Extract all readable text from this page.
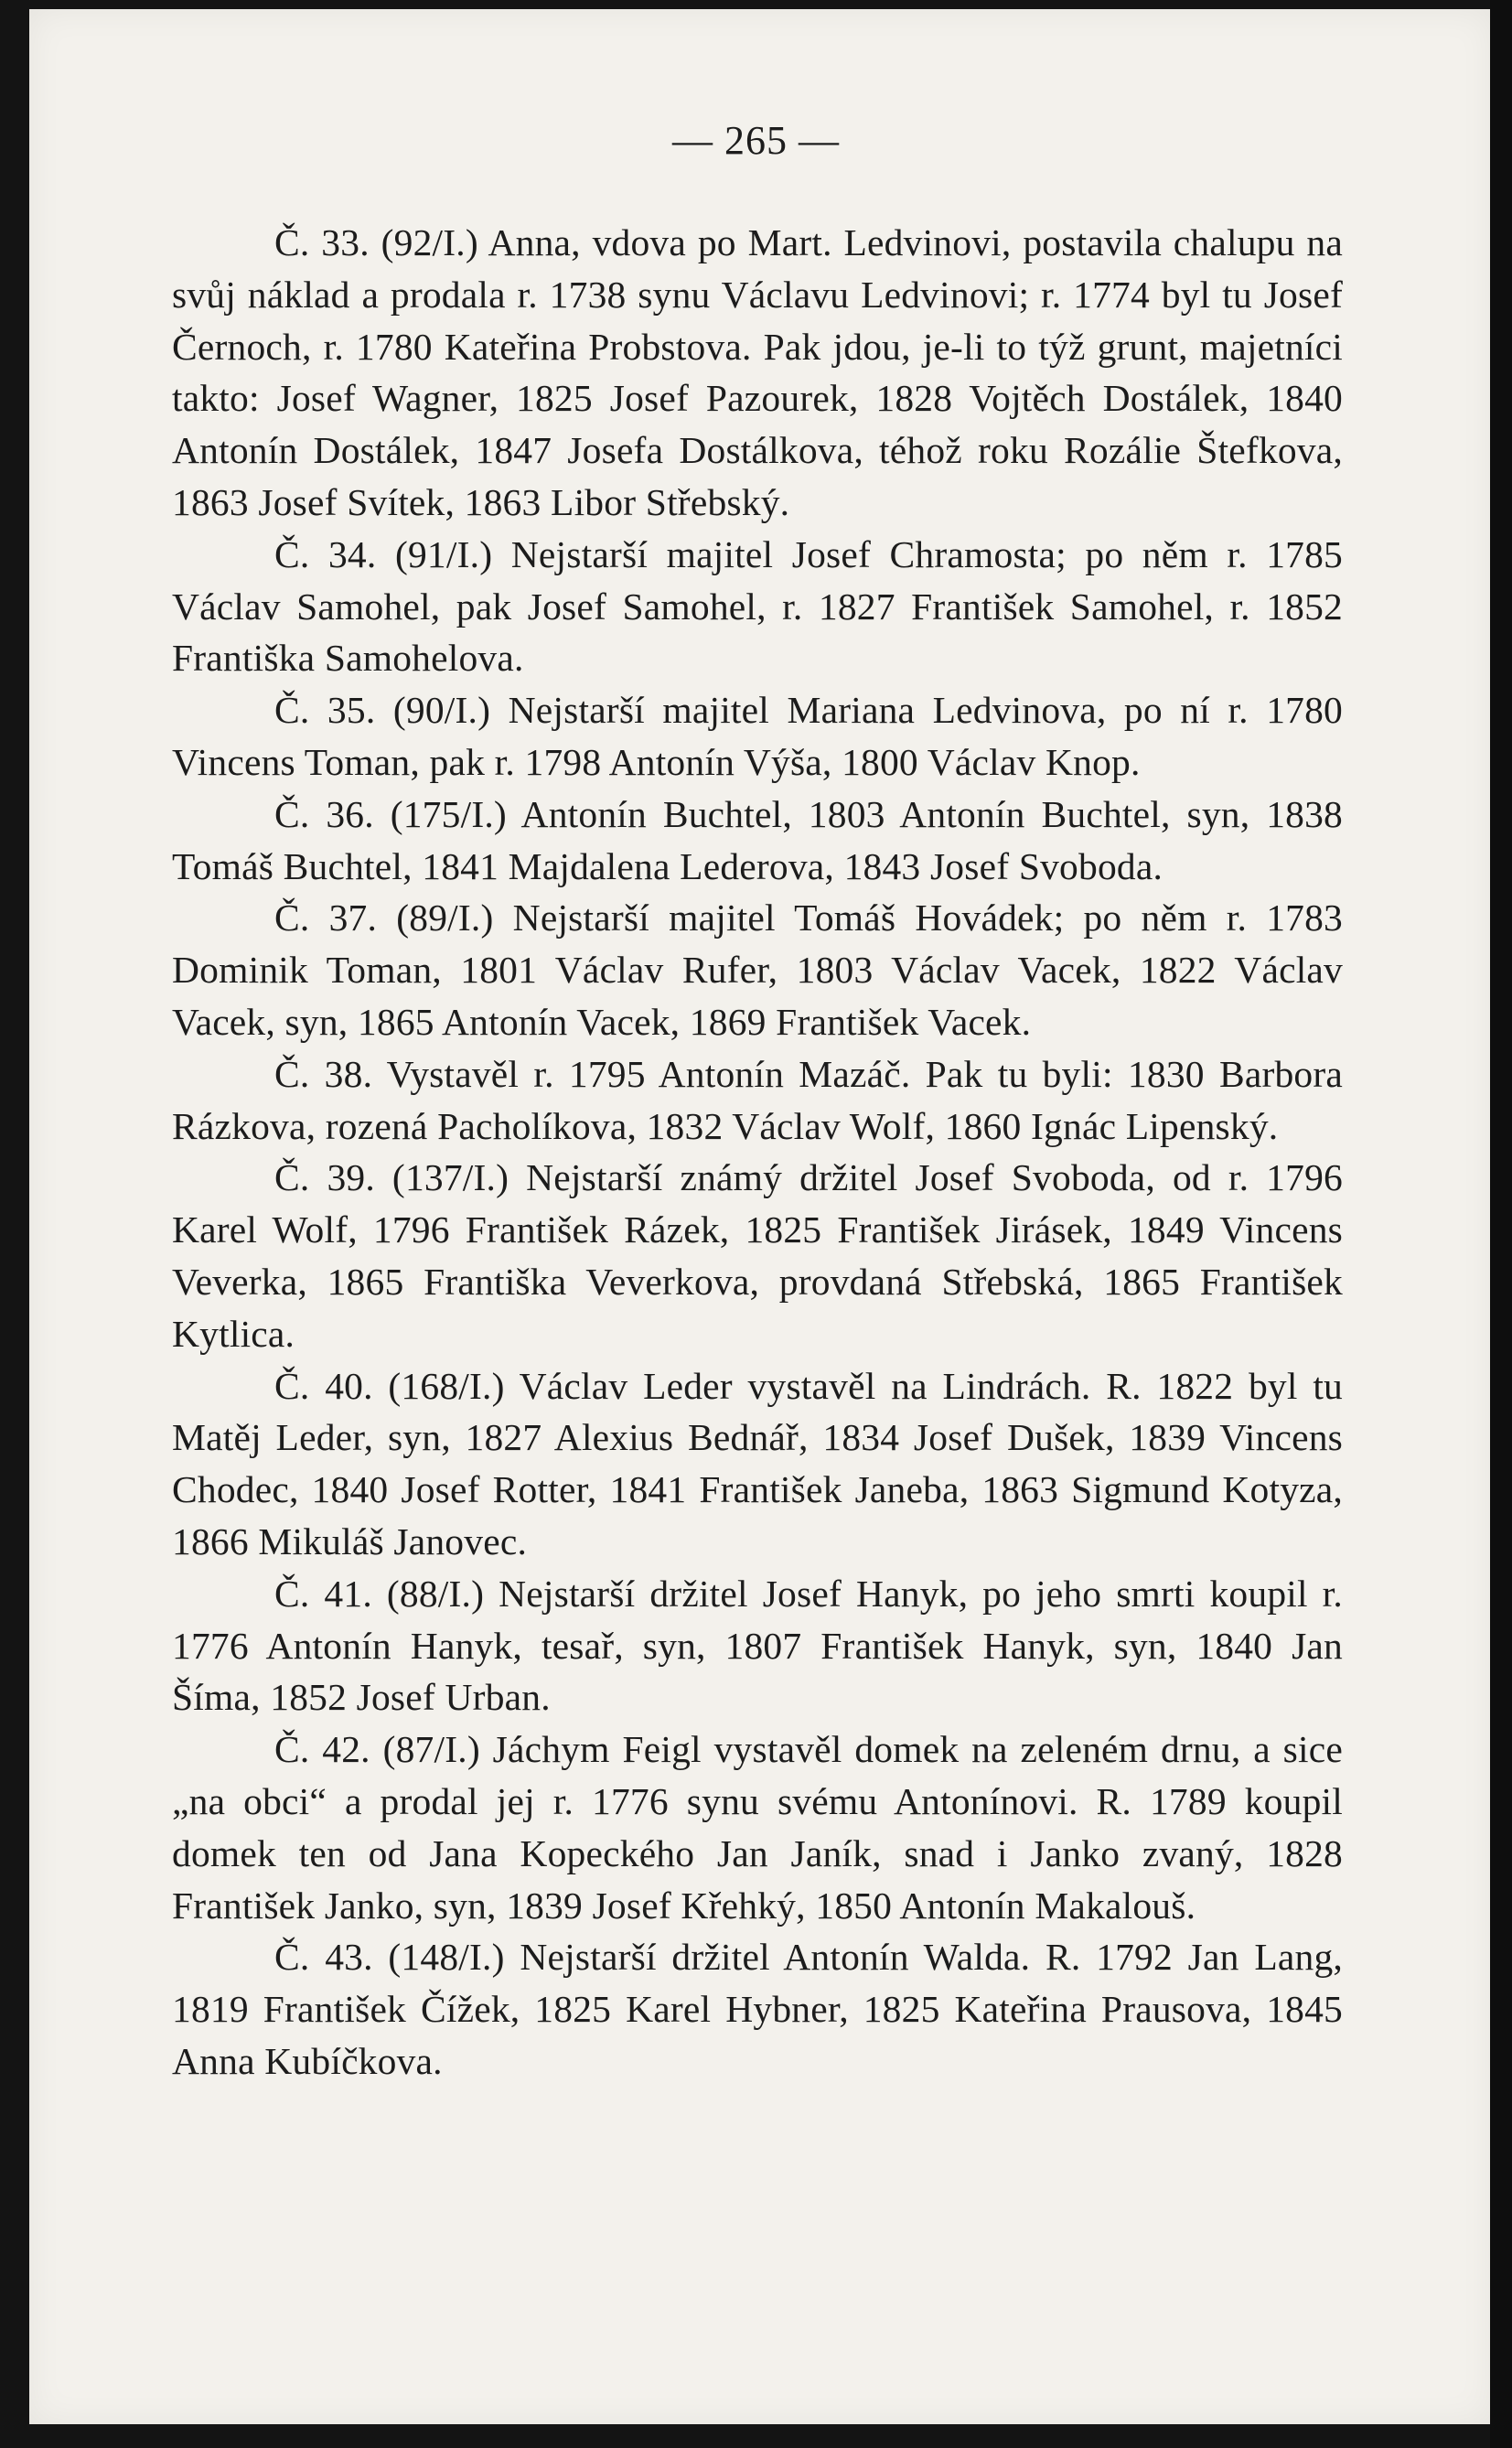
— 265 —

Č. 33. (92/I.) Anna, vdova po Mart. Ledvinovi, postavila chalupu na svůj náklad a prodala r. 1738 synu Václavu Ledvinovi; r. 1774 byl tu Josef Černoch, r. 1780 Kateřina Probstova. Pak jdou, je-li to týž grunt, majetníci takto: Josef Wagner, 1825 Josef Pazourek, 1828 Vojtěch Dostálek, 1840 Antonín Dostálek, 1847 Josefa Dostálkova, téhož roku Rozálie Štefkova, 1863 Josef Svítek, 1863 Libor Střebský.

Č. 34. (91/I.) Nejstarší majitel Josef Chramosta; po něm r. 1785 Václav Samohel, pak Josef Samohel, r. 1827 František Samohel, r. 1852 Františka Samohelova.

Č. 35. (90/I.) Nejstarší majitel Mariana Ledvinova, po ní r. 1780 Vincens Toman, pak r. 1798 Antonín Výša, 1800 Václav Knop.

Č. 36. (175/I.) Antonín Buchtel, 1803 Antonín Buchtel, syn, 1838 Tomáš Buchtel, 1841 Majdalena Lederova, 1843 Josef Svoboda.

Č. 37. (89/I.) Nejstarší majitel Tomáš Hovádek; po něm r. 1783 Dominik Toman, 1801 Václav Rufer, 1803 Václav Vacek, 1822 Václav Vacek, syn, 1865 Antonín Vacek, 1869 František Vacek.

Č. 38. Vystavěl r. 1795 Antonín Mazáč. Pak tu byli: 1830 Barbora Rázkova, rozená Pacholíkova, 1832 Václav Wolf, 1860 Ignác Lipenský.

Č. 39. (137/I.) Nejstarší známý držitel Josef Svoboda, od r. 1796 Karel Wolf, 1796 František Rázek, 1825 František Jirásek, 1849 Vincens Veverka, 1865 Františka Veverkova, provdaná Střebská, 1865 František Kytlica.

Č. 40. (168/I.) Václav Leder vystavěl na Lindrách. R. 1822 byl tu Matěj Leder, syn, 1827 Alexius Bednář, 1834 Josef Dušek, 1839 Vincens Chodec, 1840 Josef Rotter, 1841 František Janeba, 1863 Sigmund Kotyza, 1866 Mikuláš Janovec.

Č. 41. (88/I.) Nejstarší držitel Josef Hanyk, po jeho smrti koupil r. 1776 Antonín Hanyk, tesař, syn, 1807 František Hanyk, syn, 1840 Jan Šíma, 1852 Josef Urban.

Č. 42. (87/I.) Jáchym Feigl vystavěl domek na zeleném drnu, a sice „na obci“ a prodal jej r. 1776 synu svému Antonínovi. R. 1789 koupil domek ten od Jana Kopeckého Jan Janík, snad i Janko zvaný, 1828 František Janko, syn, 1839 Josef Křehký, 1850 Antonín Makalouš.

Č. 43. (148/I.) Nejstarší držitel Antonín Walda. R. 1792 Jan Lang, 1819 František Čížek, 1825 Karel Hybner, 1825 Kateřina Prausova, 1845 Anna Kubíčkova.
